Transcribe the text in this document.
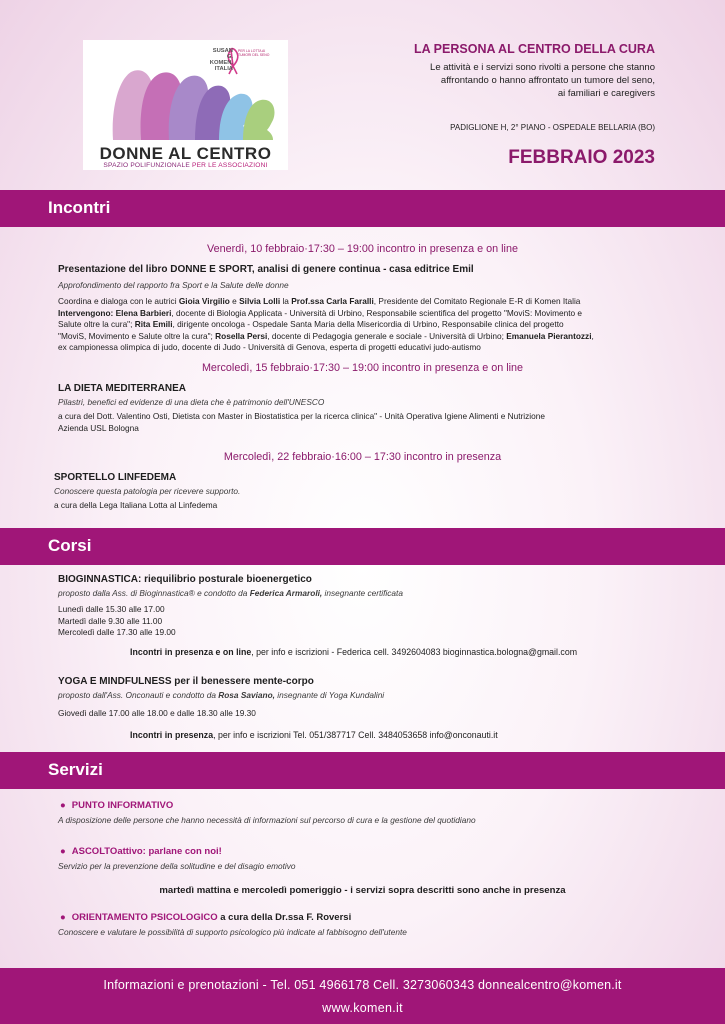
SUSAN G. KOMEN. ITALIA
PER LA LOTTA AI TUMORI DEL SENO
DONNE AL CENTRO
SPAZIO POLIFUNZIONALE PER LE ASSOCIAZIONI
LA PERSONA AL CENTRO DELLA CURA
Le attività e i servizi sono rivolti a persone che stanno
affrontando o hanno affrontato un tumore del seno,
ai familiari e caregivers
PADIGLIONE H, 2° PIANO - OSPEDALE BELLARIA (BO)
FEBBRAIO 2023
Incontri
Venerdì, 10 febbraio·17:30 – 19:00 incontro in presenza e on line
Presentazione del libro DONNE E SPORT, analisi di genere continua - casa editrice Emil
Approfondimento del rapporto fra Sport e la Salute delle donne
Coordina e dialoga con le autrici Gioia Virgilio e Silvia Lolli la Prof.ssa Carla Faralli, Presidente del Comitato Regionale E-R di Komen Italia
Intervengono: Elena Barbieri, docente di Biologia Applicata - Università di Urbino, Responsabile scientifica del progetto "MoviS: Movimento e
Salute oltre la cura"; Rita Emili, dirigente oncologa - Ospedale Santa Maria della Misericordia di Urbino, Responsabile clinica del progetto
"MoviS, Movimento e Salute oltre la cura"; Rosella Persi, docente di Pedagogia generale e sociale - Università di Urbino; Emanuela Pierantozzi,
ex campionessa olimpica di judo, docente di Judo - Università di Genova, esperta di progetti educativi judo-autismo
Mercoledì, 15 febbraio·17:30 – 19:00 incontro in presenza e on line
LA DIETA MEDITERRANEA
Pilastri, benefici ed evidenze di una dieta che è patrimonio dell'UNESCO
a cura del Dott. Valentino Osti, Dietista con Master in Biostatistica per la ricerca clinica" - Unità Operativa Igiene Alimenti e Nutrizione
Azienda USL Bologna
Mercoledì, 22 febbraio·16:00 – 17:30 incontro in presenza
SPORTELLO LINFEDEMA
Conoscere questa patologia per ricevere supporto.
a cura della Lega Italiana Lotta al Linfedema
Corsi
BIOGINNASTICA: riequilibrio posturale bioenergetico
proposto dalla Ass. di Bioginnastica® e condotto da Federica Armaroli, insegnante certificata
Lunedì dalle 15.30 alle 17.00
Martedì dalle 9.30 alle 11.00
Mercoledì dalle 17.30 alle 19.00
Incontri in presenza e on line, per info e iscrizioni - Federica cell. 3492604083 bioginnastica.bologna@gmail.com
YOGA E MINDFULNESS per il benessere mente-corpo
proposto dall'Ass. Onconauti e condotto da Rosa Saviano, insegnante di Yoga Kundalini
Giovedì dalle 17.00 alle 18.00 e dalle 18.30 alle 19.30
Incontri in presenza, per info e iscrizioni Tel. 051/387717 Cell. 3484053658 info@onconauti.it
Servizi
● PUNTO INFORMATIVO
A disposizione delle persone che hanno necessità di informazioni sul percorso di cura e la gestione del quotidiano
● ASCOLTOattivo: parlane con noi!
Servizio per la prevenzione della solitudine e del disagio emotivo
martedì mattina e mercoledì pomeriggio - i servizi sopra descritti sono anche in presenza
● ORIENTAMENTO PSICOLOGICO a cura della Dr.ssa F. Roversi
Conoscere e valutare le possibilità di supporto psicologico più indicate al fabbisogno dell'utente
Informazioni e prenotazioni - Tel. 051 4966178 Cell. 3273060343 donnealcentro@komen.it
www.komen.it
